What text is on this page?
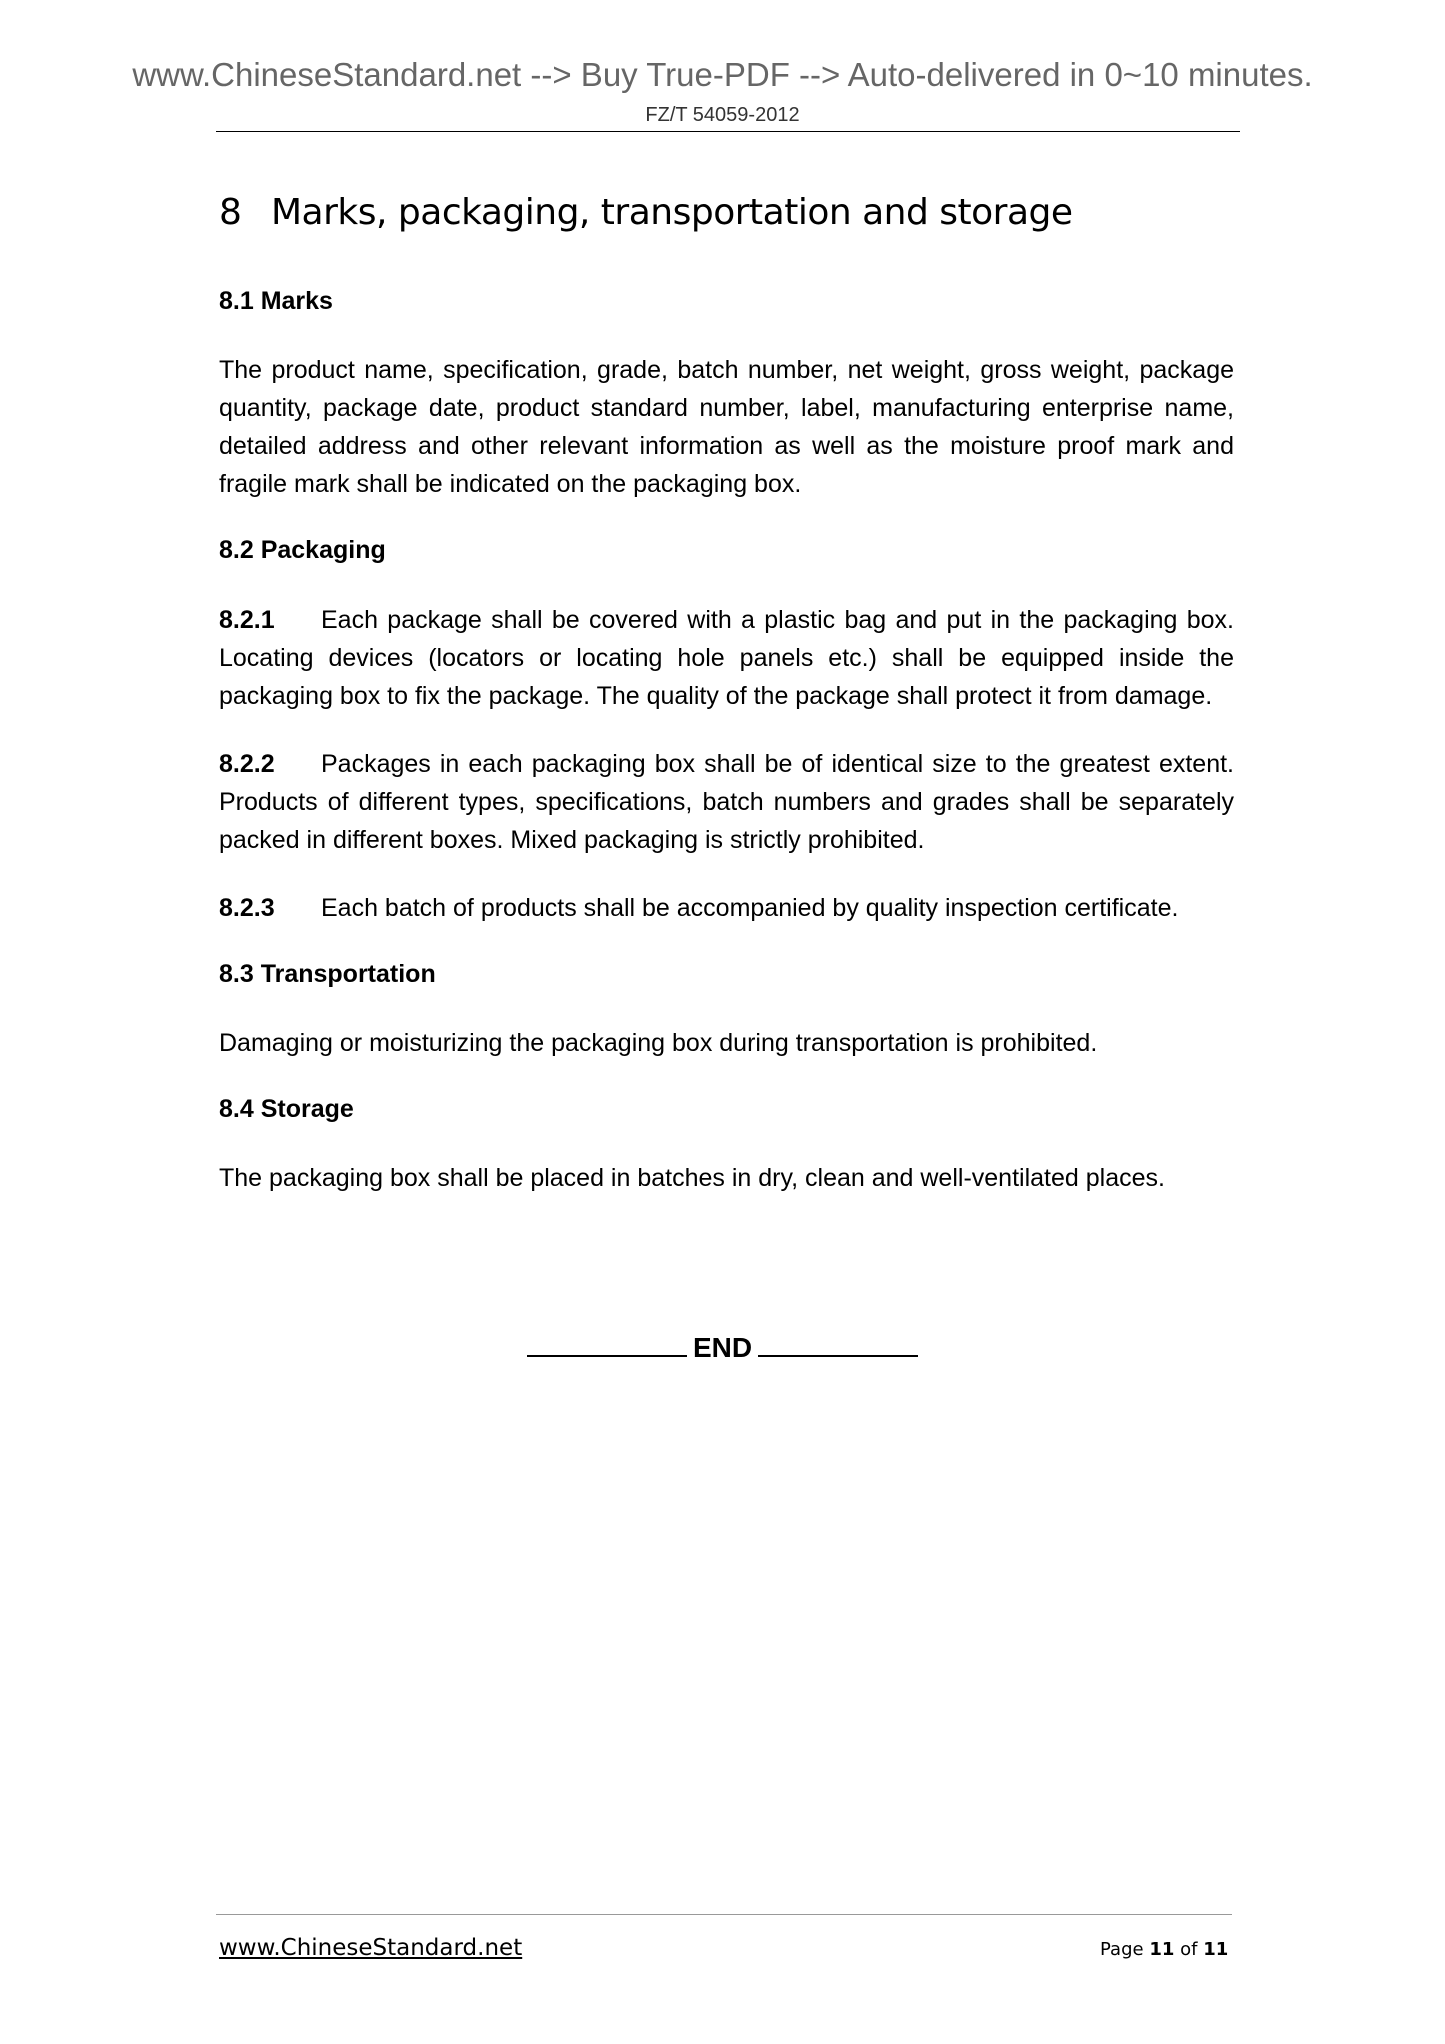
www.ChineseStandard.net --> Buy True-PDF --> Auto-delivered in 0~10 minutes.
FZ/T 54059-2012
8 Marks, packaging, transportation and storage
8.1 Marks
The product name, specification, grade, batch number, net weight, gross weight, package quantity, package date, product standard number, label, manufacturing enterprise name, detailed address and other relevant information as well as the moisture proof mark and fragile mark shall be indicated on the packaging box.
8.2 Packaging
8.2.1 Each package shall be covered with a plastic bag and put in the packaging box. Locating devices (locators or locating hole panels etc.) shall be equipped inside the packaging box to fix the package. The quality of the package shall protect it from damage.
8.2.2 Packages in each packaging box shall be of identical size to the greatest extent. Products of different types, specifications, batch numbers and grades shall be separately packed in different boxes. Mixed packaging is strictly prohibited.
8.2.3 Each batch of products shall be accompanied by quality inspection certificate.
8.3 Transportation
Damaging or moisturizing the packaging box during transportation is prohibited.
8.4 Storage
The packaging box shall be placed in batches in dry, clean and well-ventilated places.
END
www.ChineseStandard.net	Page 11 of 11
